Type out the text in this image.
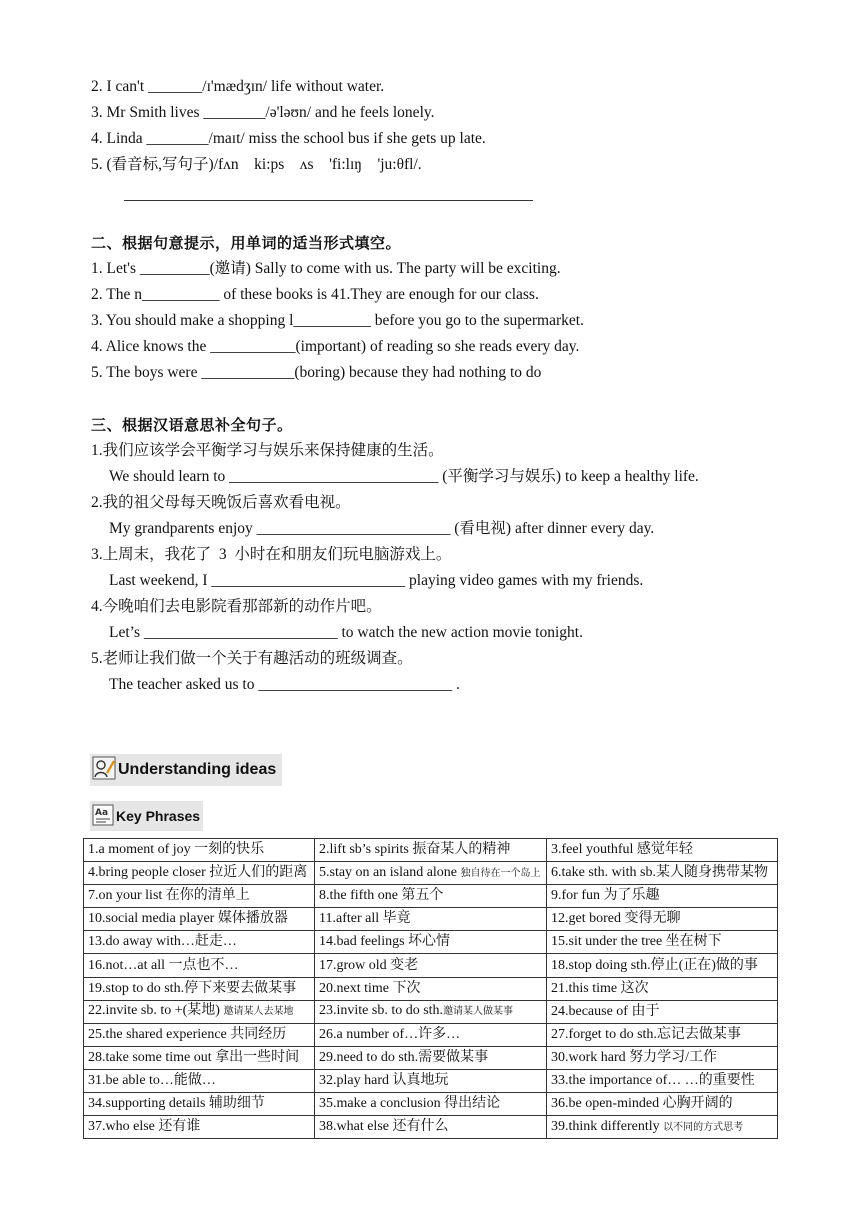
2. I can't _______/ɪ'mædʒɪn/ life without water.
3. Mr Smith lives ________/ə'ləʊn/ and he feels lonely.
4. Linda ________/maɪt/ miss the school bus if she gets up late.
5. (看音标,写句子)/fʌn    ki:ps    ʌs    'fi:lɪŋ    'ju:θfl/.
二、根据句意提示，用单词的适当形式填空。
1. Let's _________(邀请) Sally to come with us. The party will be exciting.
2. The n__________ of these books is 41.They are enough for our class.
3. You should make a shopping l__________ before you go to the supermarket.
4. Alice knows the ___________(important) of reading so she reads every day.
5. The boys were ____________(boring) because they had nothing to do
三、根据汉语意思补全句子。
1.我们应该学会平衡学习与娱乐来保持健康的生活。
We should learn to ___________________________ (平衡学习与娱乐) to keep a healthy life.
2.我的祖父母每天晚饭后喜欢看电视。
My grandparents enjoy _________________________ (看电视) after dinner every day.
3.上周末，我花了  3  小时在和朋友们玩电脑游戏上。
Last weekend, I _________________________ playing video games with my friends.
4.今晚咱们去电影院看那部新的动作片吧。
Let’s _________________________ to watch the new action movie tonight.
5.老师让我们做一个关于有趣活动的班级调查。
The teacher asked us to _________________________ .
Understanding ideas
Aa Key Phrases
1.a moment of joy 一刻的快乐	2.lift sb’s spirits 振奋某人的精神	3.feel youthful 感觉年轻
4.bring people closer 拉近人们的距离	5.stay on an island alone 独自待在一个岛上	6.take sth. with sb.某人随身携带某物
7.on your list 在你的清单上	8.the fifth one 第五个	9.for fun 为了乐趣
10.social media player 媒体播放器	11.after all 毕竟	12.get bored 变得无聊
13.do away with…赶走…	14.bad feelings 坏心情	15.sit under the tree 坐在树下
16.not…at all 一点也不…	17.grow old 变老	18.stop doing sth.停止(正在)做的事
19.stop to do sth.停下来要去做某事	20.next time 下次	21.this time 这次
22.invite sb. to +(某地) 邀请某人去某地	23.invite sb. to do sth.邀请某人做某事	24.because of 由于
25.the shared experience 共同经历	26.a number of…许多…	27.forget to do sth.忘记去做某事
28.take some time out 拿出一些时间	29.need to do sth.需要做某事	30.work hard 努力学习/工作
31.be able to…能做…	32.play hard 认真地玩	33.the importance of… …的重要性
34.supporting details 辅助细节	35.make a conclusion 得出结论	36.be open-minded 心胸开阔的
37.who else 还有谁	38.what else 还有什么	39.think differently 以不同的方式思考
